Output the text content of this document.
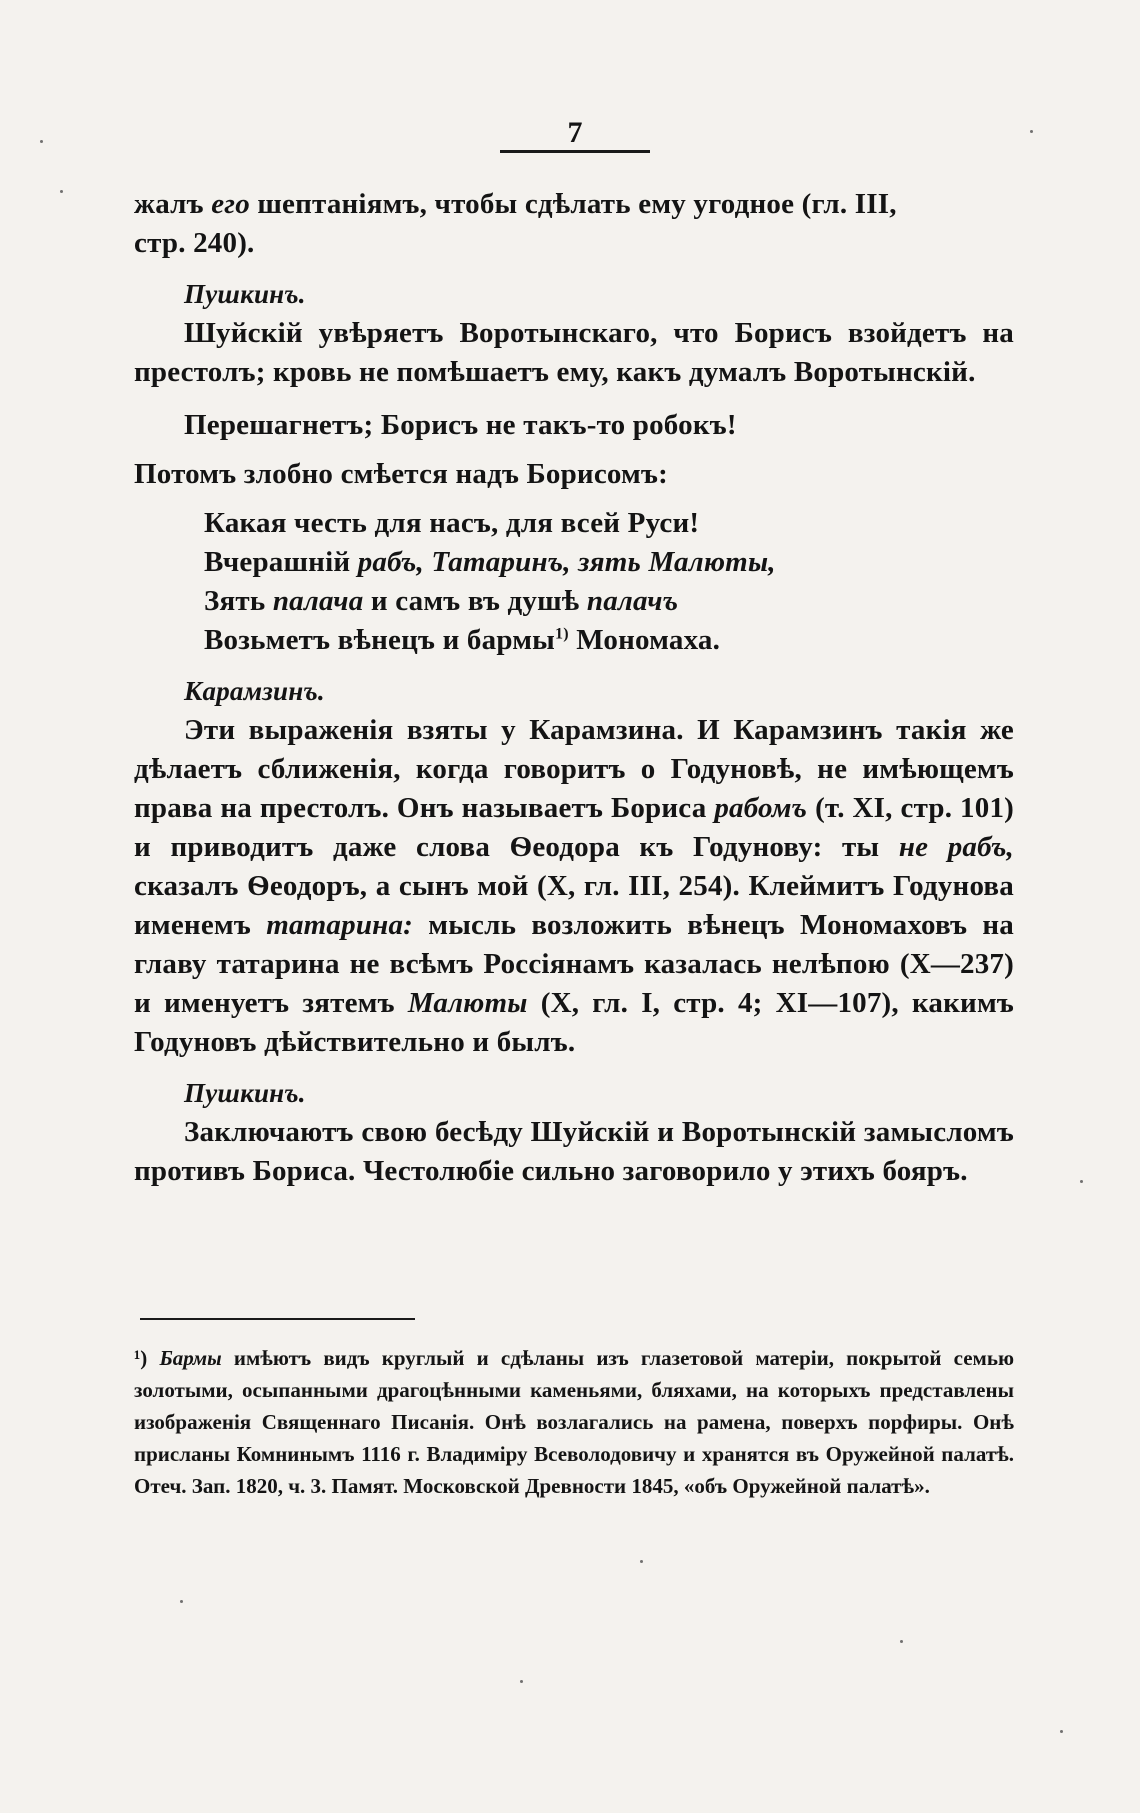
7

жалъ его шептаніямъ, чтобы сдѣлать ему угодное (гл. III,

стр. 240).

Пушкинъ.

Шуйскій увѣряетъ Воротынскаго, что Борисъ взойдетъ на престолъ; кровь не помѣшаетъ ему, какъ думалъ Воротынскій.

Перешагнетъ; Борисъ не такъ-то робокъ!

Потомъ злобно смѣется надъ Борисомъ:

Какая честь для насъ, для всей Руси!

Вчерашній рабъ, Татаринъ, зять Малюты,

Зять палача и самъ въ душѣ палачъ

Возьметъ вѣнецъ и бармы$^{1)}$ Мономаха.

Карамзинъ.

Эти выраженія взяты у Карамзина. И Карамзинъ такія же дѣлаетъ сближенія, когда говоритъ о Годуновѣ, не имѣющемъ права на престолъ. Онъ называетъ Бориса рабомъ (т. XI, стр. 101) и приводитъ даже слова Ѳеодора къ Годунову: ты не рабъ, сказалъ Ѳеодоръ, а сынъ мой (X, гл. III, 254). Клеймитъ Годунова именемъ татарина: мысль возложить вѣнецъ Мономаховъ на главу татарина не всѣмъ Россіянамъ казалась нелѣпою (X—237) и именуетъ зятемъ Малюты (X, гл. I, стр. 4; XI—107), какимъ Годуновъ дѣйствительно и былъ.

Пушкинъ.

Заключаютъ свою бесѣду Шуйскій и Воротынскій замысломъ противъ Бориса. Честолюбіе сильно заговорило у этихъ бояръ.

¹) Бармы имѣютъ видъ круглый и сдѣланы изъ глазетовой матеріи, покрытой семью золотыми, осыпанными драгоцѣнными каменьями, бляхами, на которыхъ представлены изображенія Священнаго Писанія. Онѣ возлагались на рамена, поверхъ порфиры. Онѣ присланы Комнинымъ 1116 г. Владиміру Всеволодовичу и хранятся въ Оружейной палатѣ. Отеч. Зап. 1820, ч. 3. Памят. Московской Древности 1845, «объ Оружейной палатѣ».
